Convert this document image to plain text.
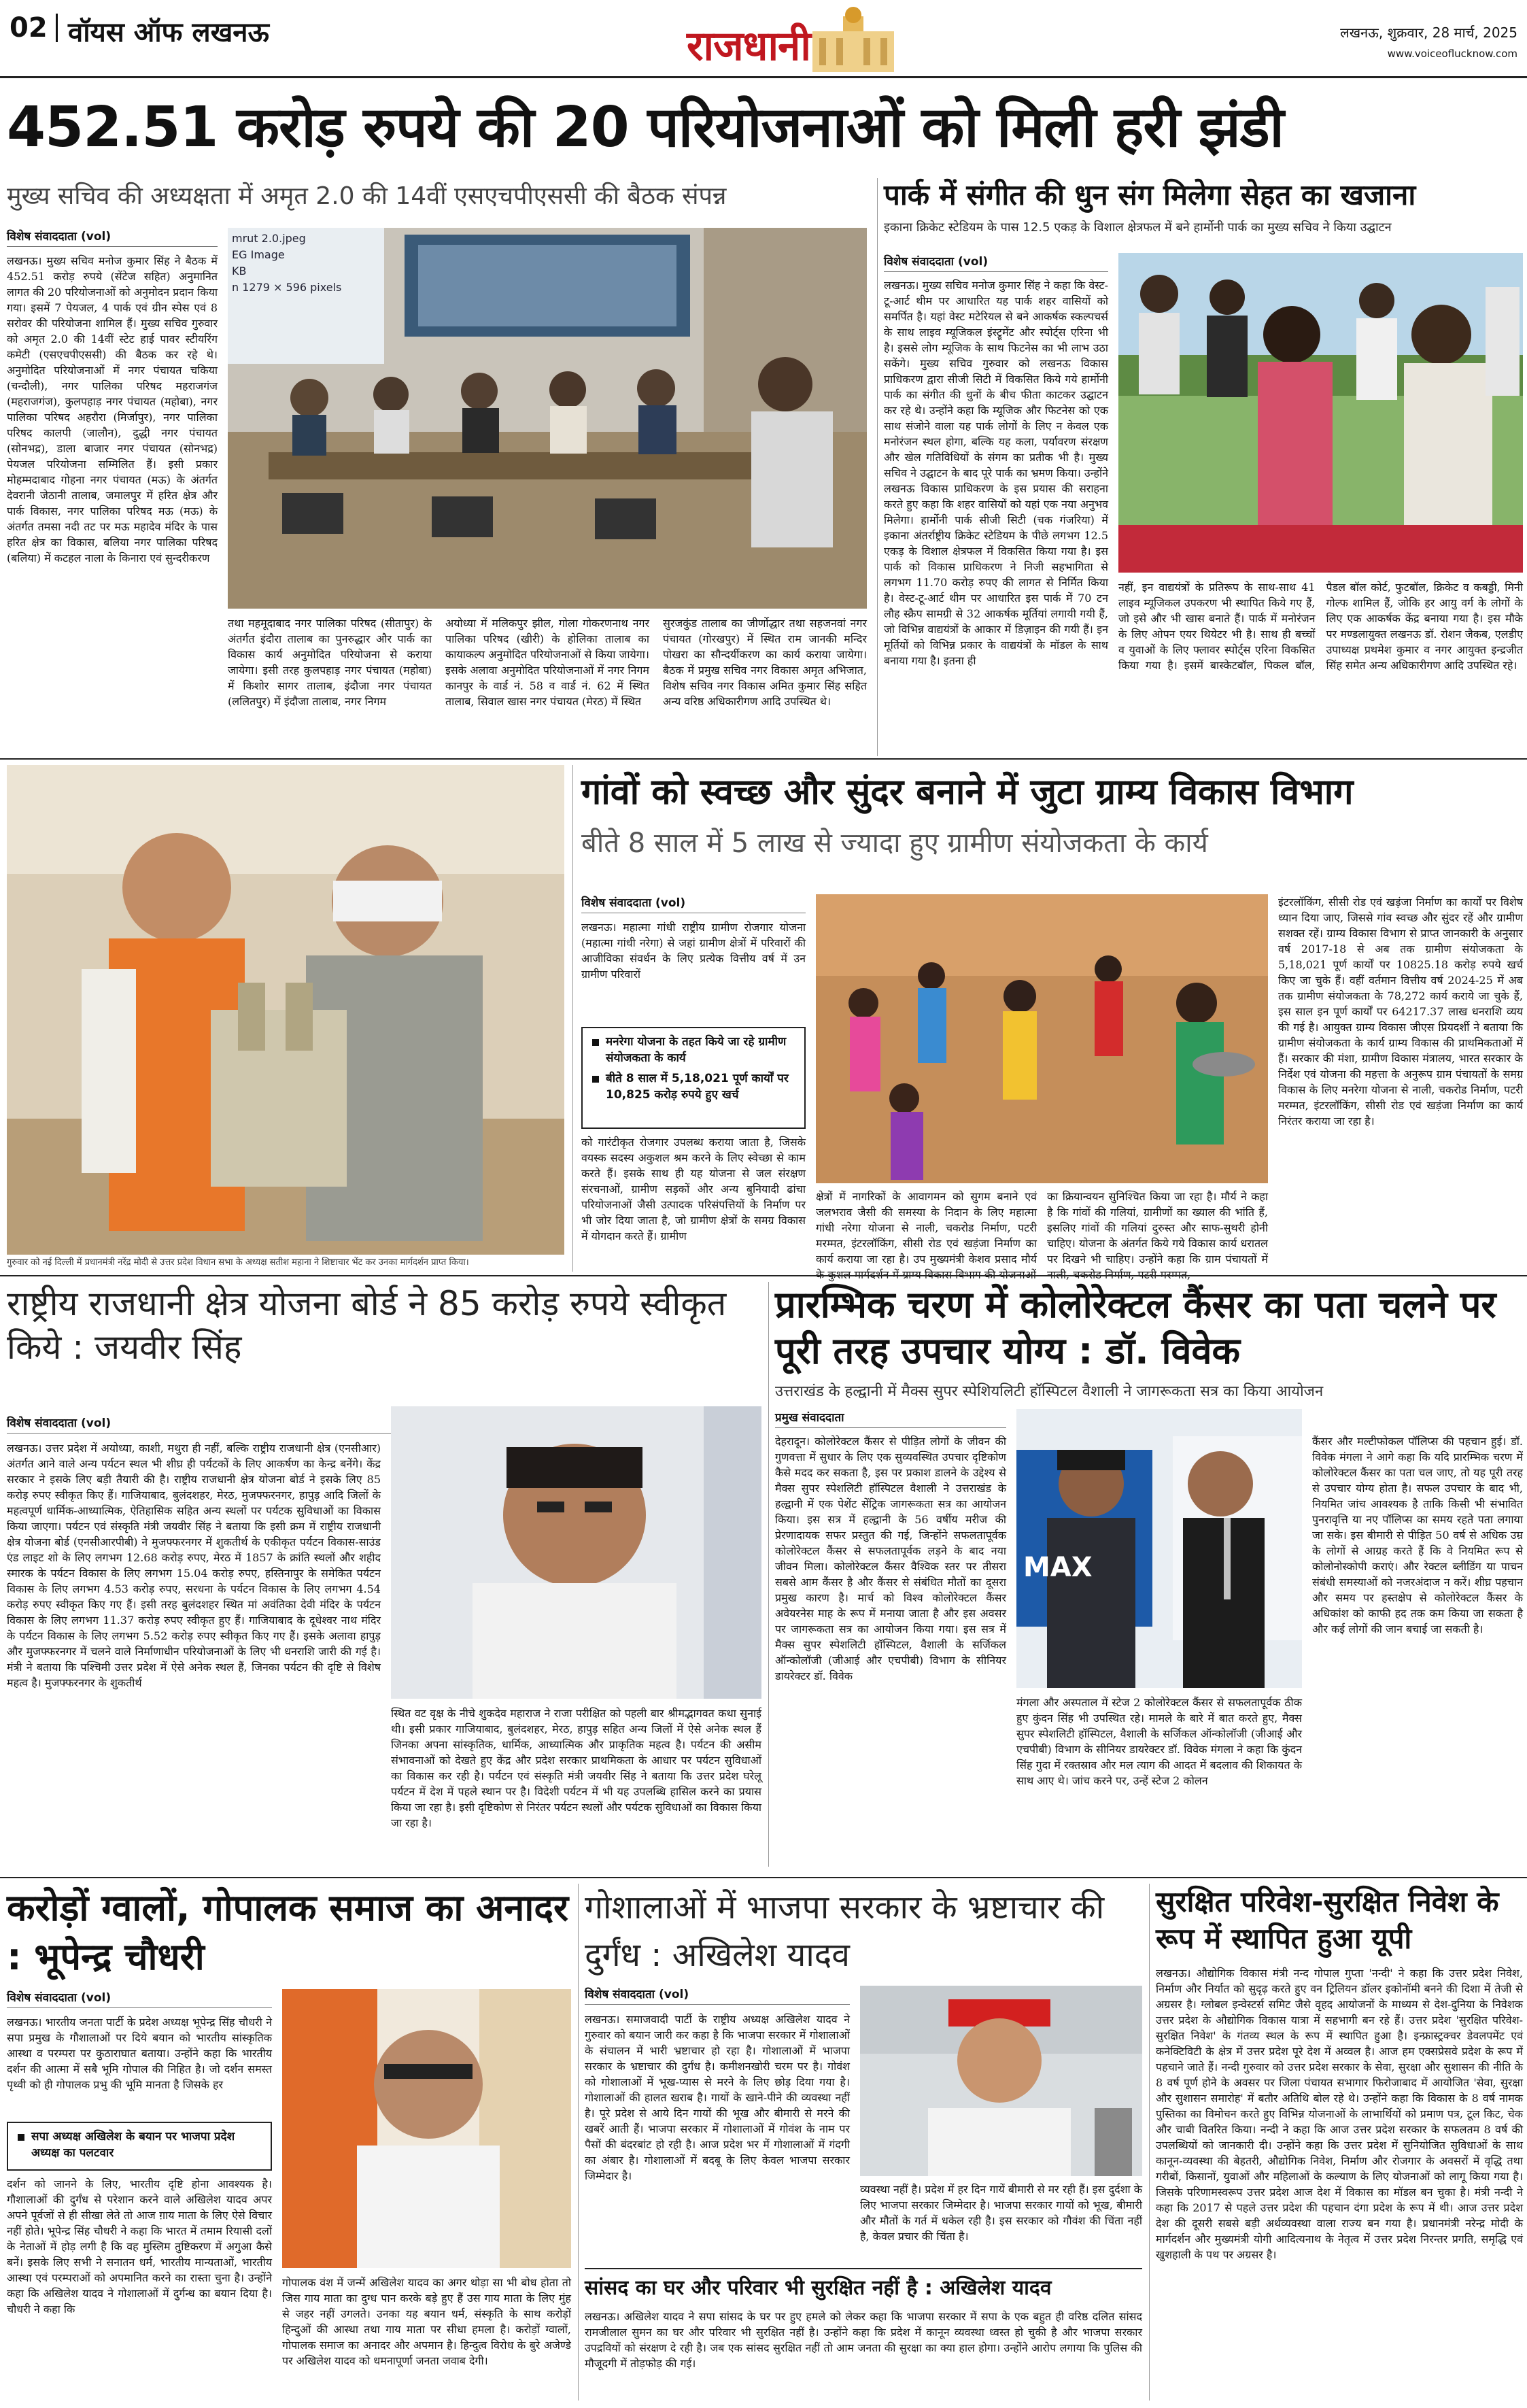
02 वॉयस ऑफ लखनऊ	राजधानी	लखनऊ, शुक्रवार, 28 मार्च, 2025
www.voiceoflucknow.com
452.51 करोड़ रुपये की 20 परियोजनाओं को मिली हरी झंडी
मुख्य सचिव की अध्यक्षता में अमृत 2.0 की 14वीं एसएचपीएससी की बैठक संपन्न
विशेष संवाददाता (vol)
लखनऊ। मुख्य सचिव मनोज कुमार सिंह ने बैठक में 452.51 करोड़ रुपये (सेंटेज सहित) अनुमानित लागत की 20 परियोजनाओं को अनुमोदन प्रदान किया गया। इसमें 7 पेयजल, 4 पार्क एवं ग्रीन स्पेस एवं 8 सरोवर की परियोजना शामिल हैं। मुख्य सचिव गुरुवार को अमृत 2.0 की 14वीं स्टेट हाई पावर स्टीयरिंग कमेटी (एसएचपीएससी) की बैठक कर रहे थे। अनुमोदित परियोजनाओं में नगर पंचायत चकिया (चन्दौली), नगर पालिका परिषद महराजगंज (महराजगंज), कुलपहाड़ नगर पंचायत (महोबा), नगर पालिका परिषद अहरौरा (मिर्जापुर), नगर पालिका परिषद कालपी (जालौन), दुद्धी नगर पंचायत (सोनभद्र), डाला बाजार नगर पंचायत (सोनभद्र) पेयजल परियोजना सम्मिलित हैं। इसी प्रकार मोहम्मदाबाद गोहना नगर पंचायत (मऊ) के अंतर्गत देवरानी जेठानी तालाब, जमालपुर में हरित क्षेत्र और पार्क विकास, नगर पालिका परिषद मऊ (मऊ) के अंतर्गत तमसा नदी तट पर मऊ महादेव मंदिर के पास हरित क्षेत्र का विकास, बलिया नगर पालिका परिषद (बलिया) में कटहल नाला के किनारा एवं सुन्दरीकरण
mrut 2.0.jpeg
EG Image
KB
n 1279 × 596 pixels
तथा महमूदाबाद नगर पालिका परिषद (सीतापुर) के अंतर्गत इंदौरा तालाब का पुनरुद्धार और पार्क का विकास कार्य अनुमोदित परियोजना से कराया जायेगा। इसी तरह कुलपहाड़ नगर पंचायत (महोबा) में किशोर सागर तालाब, इंदौजा नगर पंचायत (ललितपुर) में इंदौजा तालाब, नगर निगम
अयोध्या में मलिकपुर झील, गोला गोकरणनाथ नगर पालिका परिषद (खीरी) के होलिका तालाब का कायाकल्प अनुमोदित परियोजनाओं से किया जायेगा। इसके अलावा अनुमोदित परियोजनाओं में नगर निगम कानपुर के वार्ड नं. 58 व वार्ड नं. 62 में स्थित तालाब, सिवाल खास नगर पंचायत (मेरठ) में स्थित
सुरजकुंड तालाब का जीर्णोद्धार तथा सहजनवां नगर पंचायत (गोरखपुर) में स्थित राम जानकी मन्दिर पोखरा का सौन्दर्यीकरण का कार्य कराया जायेगा। बैठक में प्रमुख सचिव नगर विकास अमृत अभिजात, विशेष सचिव नगर विकास अमित कुमार सिंह सहित अन्य वरिष्ठ अधिकारीगण आदि उपस्थित थे।
पार्क में संगीत की धुन संग मिलेगा सेहत का खजाना
इकाना क्रिकेट स्टेडियम के पास 12.5 एकड़ के विशाल क्षेत्रफल में बने हार्मोनी पार्क का मुख्य सचिव ने किया उद्घाटन
विशेष संवाददाता (vol)
लखनऊ। मुख्य सचिव मनोज कुमार सिंह ने कहा कि वेस्ट-टू-आर्ट थीम पर आधारित यह पार्क शहर वासियों को समर्पित है। यहां वेस्ट मटेरियल से बने आकर्षक स्कल्पचर्स के साथ लाइव म्यूजिकल इंस्ट्रूमेंट और स्पोर्ट्स एरिना भी है। इससे लोग म्यूजिक के साथ फिटनेस का भी लाभ उठा सकेंगे। मुख्य सचिव गुरुवार को लखनऊ विकास प्राधिकरण द्वारा सीजी सिटी में विकसित किये गये हार्मोनी पार्क का संगीत की धुनों के बीच फीता काटकर उद्घाटन कर रहे थे। उन्होंने कहा कि म्यूजिक और फिटनेस को एक साथ संजोने वाला यह पार्क लोगों के लिए न केवल एक मनोरंजन स्थल होगा, बल्कि यह कला, पर्यावरण संरक्षण और खेल गतिविधियों के संगम का प्रतीक भी है। मुख्य सचिव ने उद्घाटन के बाद पूरे पार्क का भ्रमण किया। उन्होंने लखनऊ विकास प्राधिकरण के इस प्रयास की सराहना करते हुए कहा कि शहर वासियों को यहां एक नया अनुभव मिलेगा। हार्मोनी पार्क सीजी सिटी (चक गंजरिया) में इकाना अंतर्राष्ट्रीय क्रिकेट स्टेडियम के पीछे लगभग 12.5 एकड़ के विशाल क्षेत्रफल में विकसित किया गया है। इस पार्क को विकास प्राधिकरण ने निजी सहभागिता से लगभग 11.70 करोड़ रुपए की लागत से निर्मित किया है। वेस्ट-टू-आर्ट थीम पर आधारित इस पार्क में 70 टन लौह स्क्रैप सामग्री से 32 आकर्षक मूर्तियां लगायी गयी हैं, जो विभिन्न वाद्ययंत्रों के आकार में डिज़ाइन की गयी हैं। इन मूर्तियों को विभिन्न प्रकार के वाद्ययंत्रों के मॉडल के साथ बनाया गया है। इतना ही
नहीं, इन वाद्ययंत्रों के प्रतिरूप के साथ-साथ 41 लाइव म्यूजिकल उपकरण भी स्थापित किये गए हैं, जो इसे और भी खास बनाते हैं। पार्क में मनोरंजन के लिए ओपन एयर थियेटर भी है। साथ ही बच्चों व युवाओं के लिए फ्लावर स्पोर्ट्स एरिना विकसित किया गया है। इसमें बास्केटबॉल, पिकल बॉल, पैडल बॉल कोर्ट, फुटबॉल, क्रिकेट व कबड्डी, मिनी गोल्फ शामिल हैं, जोकि हर आयु वर्ग के लोगों के लिए एक आकर्षक केंद्र बनाया गया है। इस मौके पर मण्डलायुक्त लखनऊ डॉ. रोशन जैकब, एलडीए उपाध्यक्ष प्रथमेश कुमार व नगर आयुक्त इन्द्रजीत सिंह समेत अन्य अधिकारीगण आदि उपस्थित रहे।
गुरुवार को नई दिल्ली में प्रधानमंत्री नरेंद्र मोदी से उत्तर प्रदेश विधान सभा के अध्यक्ष सतीश महाना ने शिष्टाचार भेंट कर उनका मार्गदर्शन प्राप्त किया।
गांवों को स्वच्छ और सुंदर बनाने में जुटा ग्राम्य विकास विभाग
बीते 8 साल में 5 लाख से ज्यादा हुए ग्रामीण संयोजकता के कार्य
विशेष संवाददाता (vol)
लखनऊ। महात्मा गांधी राष्ट्रीय ग्रामीण रोजगार योजना (महात्मा गांधी नरेगा) से जहां ग्रामीण क्षेत्रों में परिवारों की आजीविका संवर्धन के लिए प्रत्येक वित्तीय वर्ष में उन ग्रामीण परिवारों
मनरेगा योजना के तहत किये जा रहे ग्रामीण संयोजकता के कार्य
बीते 8 साल में 5,18,021 पूर्ण कार्यों पर 10,825 करोड़ रुपये हुए खर्च
को गारंटीकृत रोजगार उपलब्ध कराया जाता है, जिसके वयस्क सदस्य अकुशल श्रम करने के लिए स्वेच्छा से काम करते हैं। इसके साथ ही यह योजना से जल संरक्षण संरचनाओं, ग्रामीण सड़कों और अन्य बुनियादी ढांचा परियोजनाओं जैसी उत्पादक परिसंपत्तियों के निर्माण पर भी जोर दिया जाता है, जो ग्रामीण क्षेत्रों के समग्र विकास में योगदान करते हैं। ग्रामीण
क्षेत्रों में नागरिकों के आवागमन को सुगम बनाने एवं जलभराव जैसी की समस्या के निदान के लिए महात्मा गांधी नरेगा योजना से नाली, चकरोड निर्माण, पटरी मरम्मत, इंटरलॉकिंग, सीसी रोड एवं खड़ंजा निर्माण का कार्य कराया जा रहा है। उप मुख्यमंत्री केशव प्रसाद मौर्य
का क्रियान्वयन सुनिश्चित किया जा रहा है। मौर्य ने कहा है कि गांवों की गलियां, ग्रामीणों का ख्याल की भांति हैं, इसलिए गांवों की गलियां दुरुस्त और साफ-सुथरी होनी चाहिए। योजना के अंतर्गत किये गये विकास कार्य धरातल पर दिखने भी चाहिए। उन्होंने कहा कि ग्राम पंचायतों में
इंटरलॉकिंग, सीसी रोड एवं खड़ंजा निर्माण का कार्यों पर विशेष ध्यान दिया जाए, जिससे गांव स्वच्छ और सुंदर रहें और ग्रामीण सशक्त रहें। ग्राम्य विकास विभाग से प्राप्त जानकारी के अनुसार वर्ष 2017-18 से अब तक ग्रामीण संयोजकता के 5,18,021 पूर्ण कार्यों पर 10825.18 करोड़ रुपये खर्च किए जा चुके हैं। वहीं वर्तमान वित्तीय वर्ष 2024-25 में अब तक ग्रामीण संयोजकता के 78,272 कार्य कराये जा चुके हैं, इस साल इन पूर्ण कार्यों पर 64217.37 लाख धनराशि व्यय की गई है। आयुक्त ग्राम्य विकास जीएस प्रियदर्शी ने बताया कि ग्रामीण संयोजकता के कार्य ग्राम्य विकास की प्राथमिकताओं में हैं। सरकार की मंशा, ग्रामीण विकास मंत्रालय, भारत सरकार के निर्देश एवं योजना की महत्ता के अनुरूप ग्राम पंचायतों के समग्र विकास के लिए मनरेगा योजना से नाली, चकरोड निर्माण, पटरी मरम्मत, इंटरलॉकिंग, सीसी रोड एवं खड़ंजा निर्माण का कार्य निरंतर कराया जा रहा है।
राष्ट्रीय राजधानी क्षेत्र योजना बोर्ड ने 85 करोड़ रुपये स्वीकृत किये : जयवीर सिंह
विशेष संवाददाता (vol)
लखनऊ। उत्तर प्रदेश में अयोध्या, काशी, मथुरा ही नहीं, बल्कि राष्ट्रीय राजधानी क्षेत्र (एनसीआर) अंतर्गत आने वाले अन्य पर्यटन स्थल भी शीघ्र ही पर्यटकों के लिए आकर्षण का केन्द्र बनेंगे। केंद्र सरकार ने इसके लिए बड़ी तैयारी की है। राष्ट्रीय राजधानी क्षेत्र योजना बोर्ड ने इसके लिए 85 करोड़ रुपए स्वीकृत किए हैं। गाजियाबाद, बुलंदशहर, मेरठ, मुजफ्फरनगर, हापुड़ आदि जिलों के महत्वपूर्ण धार्मिक-आध्यात्मिक, ऐतिहासिक सहित अन्य स्थलों पर पर्यटक सुविधाओं का विकास किया जाएगा। पर्यटन एवं संस्कृति मंत्री जयवीर सिंह ने बताया कि इसी क्रम में राष्ट्रीय राजधानी क्षेत्र योजना बोर्ड (एनसीआरपीबी) ने मुजफ्फरनगर में शुकतीर्थ के एकीकृत पर्यटन विकास-साउंड एंड लाइट शो के लिए लगभग 12.68 करोड़ रुपए, मेरठ में 1857 के क्रांति स्थलों और शहीद स्मारक के पर्यटन विकास के लिए लगभग 15.04 करोड़ रुपए, हस्तिनापुर के समेकित पर्यटन विकास के लिए लगभग 4.53 करोड़ रुपए, सरधना के पर्यटन विकास के लिए लगभग 4.54 करोड़ रुपए स्वीकृत किए गए हैं। इसी तरह बुलंदशहर स्थित मां अवंतिका देवी मंदिर के पर्यटन विकास के लिए लगभग 11.37 करोड़ रुपए स्वीकृत हुए हैं। गाजियाबाद के दूधेश्वर नाथ मंदिर के पर्यटन विकास के लिए लगभग 5.52 करोड़ रुपए स्वीकृत किए गए हैं। इसके अलावा हापुड़ और मुजफ्फरनगर में चलने वाले निर्माणाधीन परियोजनाओं के लिए भी धनराशि जारी की गई है। मंत्री ने बताया कि पश्चिमी उत्तर प्रदेश में ऐसे अनेक स्थल हैं, जिनका पर्यटन की दृष्टि से विशेष महत्व है। मुजफ्फरनगर के शुकतीर्थ
स्थित वट वृक्ष के नीचे शुकदेव महाराज ने राजा परीक्षित को पहली बार श्रीमद्भागवत कथा सुनाई थी। इसी प्रकार गाजियाबाद, बुलंदशहर, मेरठ, हापुड़ सहित अन्य जिलों में ऐसे अनेक स्थल हैं जिनका अपना सांस्कृतिक, धार्मिक, आध्यात्मिक और प्राकृतिक महत्व है। पर्यटन की असीम संभावनाओं को देखते हुए केंद्र और प्रदेश सरकार प्राथमिकता के आधार पर पर्यटन सुविधाओं का विकास कर रही है। पर्यटन एवं संस्कृति मंत्री जयवीर सिंह ने बताया कि उत्तर प्रदेश घरेलू पर्यटन में देश में पहले स्थान पर है। विदेशी पर्यटन में भी यह उपलब्धि हासिल करने का प्रयास किया जा रहा है। इसी दृष्टिकोण से निरंतर पर्यटन स्थलों और पर्यटक सुविधाओं का विकास किया जा रहा है।
प्रारम्भिक चरण में कोलोरेक्टल कैंसर का पता चलने पर पूरी तरह उपचार योग्य : डॉ. विवेक
उत्तराखंड के हल्द्वानी में मैक्स सुपर स्पेशियलिटी हॉस्पिटल वैशाली ने जागरूकता सत्र का किया आयोजन
प्रमुख संवाददाता
देहरादून। कोलोरेक्टल कैंसर से पीड़ित लोगों के जीवन की गुणवत्ता में सुधार के लिए एक सुव्यवस्थित उपचार दृष्टिकोण कैसे मदद कर सकता है, इस पर प्रकाश डालने के उद्देश्य से मैक्स सुपर स्पेशलिटी हॉस्पिटल वैशाली ने उत्तराखंड के हल्द्वानी में एक पेशेंट सेंट्रिक जागरूकता सत्र का आयोजन किया। इस सत्र में हल्द्वानी के 56 वर्षीय मरीज की प्रेरणादायक सफर प्रस्तुत की गई, जिन्होंने सफलतापूर्वक कोलोरेक्टल कैंसर से सफलतापूर्वक लड़ने के बाद नया जीवन मिला। कोलोरेक्टल कैंसर वैश्विक स्तर पर तीसरा सबसे आम कैंसर है और कैंसर से संबंधित मौतों का दूसरा प्रमुख कारण है। मार्च को विश्व कोलोरेक्टल कैंसर अवेयरनेस माह के रूप में मनाया जाता है और इस अवसर पर जागरूकता सत्र का आयोजन किया गया। इस सत्र में मैक्स सुपर स्पेशलिटी हॉस्पिटल, वैशाली के सर्जिकल ऑन्कोलॉजी (जीआई और एचपीबी) विभाग के सीनियर डायरेक्टर डॉ. विवेक
MAX
मंगला और अस्पताल में स्टेज 2 कोलोरेक्टल कैंसर से सफलतापूर्वक ठीक हुए कुंदन सिंह भी उपस्थित रहे। मामले के बारे में बात करते हुए, मैक्स सुपर स्पेशलिटी हॉस्पिटल, वैशाली के सर्जिकल ऑन्कोलॉजी (जीआई और एचपीबी) विभाग के सीनियर डायरेक्टर डॉ. विवेक मंगला ने कहा कि कुंदन सिंह गुदा में रक्तस्राव और मल त्याग की आदत में बदलाव की शिकायत के साथ आए थे। जांच करने पर, उन्हें स्टेज 2 कोलन
कैंसर और मल्टीफोकल पॉलिप्स की पहचान हुई। डॉ. विवेक मंगला ने आगे कहा कि यदि प्रारम्भिक चरण में कोलोरेक्टल कैंसर का पता चल जाए, तो यह पूरी तरह से उपचार योग्य होता है। सफल उपचार के बाद भी, नियमित जांच आवश्यक है ताकि किसी भी संभावित पुनरावृत्ति या नए पॉलिप्स का समय रहते पता लगाया जा सके। इस बीमारी से पीड़ित 50 वर्ष से अधिक उम्र के लोगों से आग्रह करते हैं कि वे नियमित रूप से कोलोनोस्कोपी कराएं। और रेक्टल ब्लीडिंग या पाचन संबंधी समस्याओं को नजरअंदाज न करें। शीघ्र पहचान और समय पर हस्तक्षेप से कोलोरेक्टल कैंसर के अधिकांश को काफी हद तक कम किया जा सकता है और कई लोगों की जान बचाई जा सकती है।
करोड़ों ग्वालों, गोपालक समाज का अनादर : भूपेन्द्र चौधरी
विशेष संवाददाता (vol)
लखनऊ। भारतीय जनता पार्टी के प्रदेश अध्यक्ष भूपेन्द्र सिंह चौधरी ने सपा प्रमुख के गौशालाओं पर दिये बयान को भारतीय सांस्कृतिक आस्था व परम्परा पर कुठाराघात बताया। उन्होंने कहा कि भारतीय दर्शन की आत्मा में सबै भूमि गोपाल की निहित है। जो दर्शन समस्त पृथ्वी को ही गोपालक प्रभु की भूमि मानता है जिसके हर
सपा अध्यक्ष अखिलेश के बयान पर भाजपा प्रदेश अध्यक्ष का पलटवार
दर्शन को जानने के लिए, भारतीय दृष्टि होना आवश्यक है। गौशालाओं की दुर्गंध से परेशान करने वाले अखिलेश यादव अपर अपने पूर्वजों से ही सीखा लेते तो आज ग़ाय माता के लिए ऐसे विचार नहीं होते। भूपेन्द्र सिंह चौधरी ने कहा कि भारत में तमाम रियासी दलों के नेताओं में होड़ लगी है कि वह मुस्लिम तुष्टिकरण में अगुआ कैसे बनें। इसके लिए सभी ने सनातन धर्म, भारतीय मान्यताओं, भारतीय आस्था एवं परम्पराओं को अपमानित करने का रास्ता चुना है। उन्होंने कहा कि अखिलेश यादव ने गोशालाओं में दुर्गन्ध का बयान दिया है। चौधरी ने कहा कि
गोपालक वंश में जन्में अखिलेश यादव का अगर थोड़ा सा भी बोध होता तो जिस गाय माता का दुग्ध पान करके बड़े हुए हैं उस गाय माता के लिए मुंह से जहर नहीं उगलते। उनका यह बयान धर्म, संस्कृति के साथ करोड़ों हिन्दुओं की आस्था तथा गाय माता पर सीधा हमला है। करोड़ों ग्वालों, गोपालक समाज का अनादर और अपमान है। हिन्दुत्व विरोध के बुरे अजेण्डे पर अखिलेश यादव को धमनापूर्णा जनता जवाब देगी।
गोशालाओं में भाजपा सरकार के भ्रष्टाचार की दुर्गंध : अखिलेश यादव
विशेष संवाददाता (vol)
लखनऊ। समाजवादी पार्टी के राष्ट्रीय अध्यक्ष अखिलेश यादव ने गुरुवार को बयान जारी कर कहा है कि भाजपा सरकार में गोशालाओं के संचालन में भारी भ्रष्टाचार हो रहा है। गोशालाओं में भाजपा सरकार के भ्रष्टाचार की दुर्गंध है। कमीशनखोरी चरम पर है। गोवंश को गोशालाओं में भूख-प्यास से मरने के लिए छोड़ दिया गया है। गोशालाओं की हालत खराब है। गायों के खाने-पीने की व्यवस्था नहीं है। पूरे प्रदेश से आये दिन गायों की भूख और बीमारी से मरने की खबरें आती हैं। भाजपा सरकार में गोशालाओं में गोवंश के नाम पर पैसों की बंदरबांट हो रही है। आज प्रदेश भर में गोशालाओं में गंदगी का अंबार है। गोशालाओं में बदबू के लिए केवल भाजपा सरकार जिम्मेदार है।
व्यवस्था नहीं है। प्रदेश में हर दिन गायें बीमारी से मर रही हैं। इस दुर्दशा के लिए भाजपा सरकार जिम्मेदार है। भाजपा सरकार गायों को भूख, बीमारी और मौतों के गर्त में धकेल रही है। इस सरकार को गौवंश की चिंता नहीं है, केवल प्रचार की चिंता है।
सांसद का घर और परिवार भी सुरक्षित नहीं है : अखिलेश यादव
लखनऊ। अखिलेश यादव ने सपा सांसद के घर पर हुए हमले को लेकर कहा कि भाजपा सरकार में सपा के एक बहुत ही वरिष्ठ दलित सांसद रामजीलाल सुमन का घर और परिवार भी सुरक्षित नहीं है। उन्होंने कहा कि प्रदेश में कानून व्यवस्था ध्वस्त हो चुकी है और भाजपा सरकार उपद्रवियों को संरक्षण दे रही है। जब एक सांसद सुरक्षित नहीं तो आम जनता की सुरक्षा का क्या हाल होगा। उन्होंने आरोप लगाया कि पुलिस की मौजूदगी में तोड़फोड़ की गई।
सुरक्षित परिवेश-सुरक्षित निवेश के रूप में स्थापित हुआ यूपी
लखनऊ। औद्योगिक विकास मंत्री नन्द गोपाल गुप्ता 'नन्दी' ने कहा कि उत्तर प्रदेश निवेश, निर्माण और निर्यात को सुदृढ़ करते हुए वन ट्रिलियन डॉलर इकोनॉमी बनने की दिशा में तेजी से अग्रसर है। ग्लोबल इन्वेस्टर्स समिट जैसे वृहद आयोजनों के माध्यम से देश-दुनिया के निवेशक उत्तर प्रदेश के औद्योगिक विकास यात्रा में सहभागी बन रहे हैं। उत्तर प्रदेश 'सुरक्षित परिवेश-सुरक्षित निवेश' के गंतव्य स्थल के रूप में स्थापित हुआ है। इन्फ्रास्ट्रक्चर डेवलपमेंट एवं कनेक्टिविटी के क्षेत्र में उत्तर प्रदेश पूरे देश में अव्वल है। आज हम एक्सप्रेसवे प्रदेश के रूप में पहचाने जाते हैं। नन्दी गुरुवार को उत्तर प्रदेश सरकार के सेवा, सुरक्षा और सुशासन की नीति के 8 वर्ष पूर्ण होने के अवसर पर जिला पंचायत सभागार फिरोजाबाद में आयोजित 'सेवा, सुरक्षा और सुशासन समारोह' में बतौर अतिथि बोल रहे थे। उन्होंने कहा कि विकास के 8 वर्ष नामक पुस्तिका का विमोचन करते हुए विभिन्न योजनाओं के लाभार्थियों को प्रमाण पत्र, टूल किट, चेक और चाबी वितरित किया। नन्दी ने कहा कि आज उत्तर प्रदेश सरकार के सफलतम 8 वर्ष की उपलब्धियों को जानकारी दी। उन्होंने कहा कि उत्तर प्रदेश में सुनियोजित सुविधाओं के साथ कानून-व्यवस्था की बेहतरी, औद्योगिक निवेश, निर्माण और रोजगार के अवसरों में वृद्धि तथा गरीबों, किसानों, युवाओं और महिलाओं के कल्याण के लिए योजनाओं को लागू किया गया है। जिसके परिणामस्वरूप उत्तर प्रदेश आज देश में विकास का मॉडल बन चुका है। मंत्री नन्दी ने कहा कि 2017 से पहले उत्तर प्रदेश की पहचान दंगा प्रदेश के रूप में थी। आज उत्तर प्रदेश देश की दूसरी सबसे बड़ी अर्थव्यवस्था वाला राज्य बन गया है। प्रधानमंत्री नरेन्द्र मोदी के मार्गदर्शन और मुख्यमंत्री योगी आदित्यनाथ के नेतृत्व में उत्तर प्रदेश निरन्तर प्रगति, समृद्धि एवं खुशहाली के पथ पर अग्रसर है।
